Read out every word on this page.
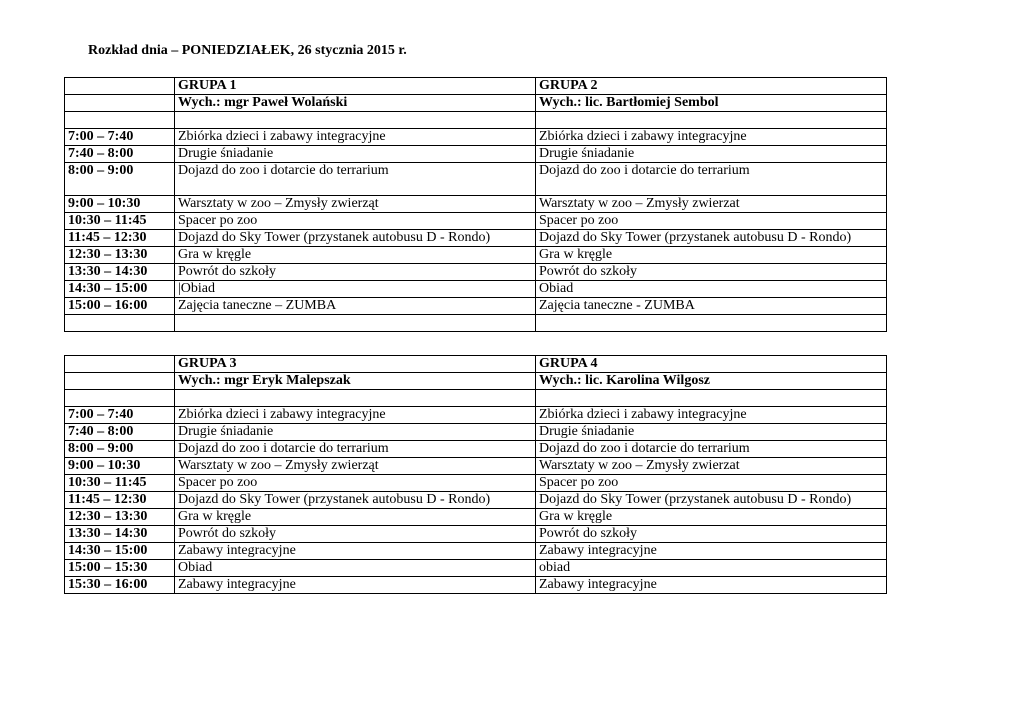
Rozkład dnia – PONIEDZIAŁEK, 26 stycznia 2015 r.
	GRUPA 1	GRUPA 2
	Wych.: mgr Paweł Wolański	Wych.: lic. Bartłomiej Sembol

7:00 – 7:40	Zbiórka dzieci i zabawy integracyjne	Zbiórka dzieci i zabawy integracyjne
7:40 – 8:00	Drugie śniadanie	Drugie śniadanie
8:00 – 9:00	Dojazd do zoo i dotarcie do terrarium	Dojazd do zoo i dotarcie do terrarium
9:00 – 10:30	Warsztaty w zoo – Zmysły zwierząt	Warsztaty w zoo – Zmysły zwierzat
10:30 – 11:45	Spacer po zoo	Spacer po zoo
11:45 – 12:30	Dojazd do Sky Tower (przystanek autobusu D - Rondo)	Dojazd do Sky Tower (przystanek autobusu D - Rondo)
12:30 – 13:30	Gra w kręgle	Gra w kręgle
13:30 – 14:30	Powrót do szkoły	Powrót do szkoły
14:30 – 15:00	|Obiad	Obiad
15:00 – 16:00	Zajęcia taneczne – ZUMBA	Zajęcia taneczne - ZUMBA

	GRUPA 3	GRUPA 4
	Wych.: mgr Eryk Malepszak	Wych.: lic. Karolina Wilgosz

7:00 – 7:40	Zbiórka dzieci i zabawy integracyjne	Zbiórka dzieci i zabawy integracyjne
7:40 – 8:00	Drugie śniadanie	Drugie śniadanie
8:00 – 9:00	Dojazd do zoo i dotarcie do terrarium	Dojazd do zoo i dotarcie do terrarium
9:00 – 10:30	Warsztaty w zoo – Zmysły zwierząt	Warsztaty w zoo – Zmysły zwierzat
10:30 – 11:45	Spacer po zoo	Spacer po zoo
11:45 – 12:30	Dojazd do Sky Tower (przystanek autobusu D - Rondo)	Dojazd do Sky Tower (przystanek autobusu D - Rondo)
12:30 – 13:30	Gra w kręgle	Gra w kręgle
13:30 – 14:30	Powrót do szkoły	Powrót do szkoły
14:30 – 15:00	Zabawy integracyjne	Zabawy integracyjne
15:00 – 15:30	Obiad	obiad
15:30 – 16:00	Zabawy integracyjne	Zabawy integracyjne
